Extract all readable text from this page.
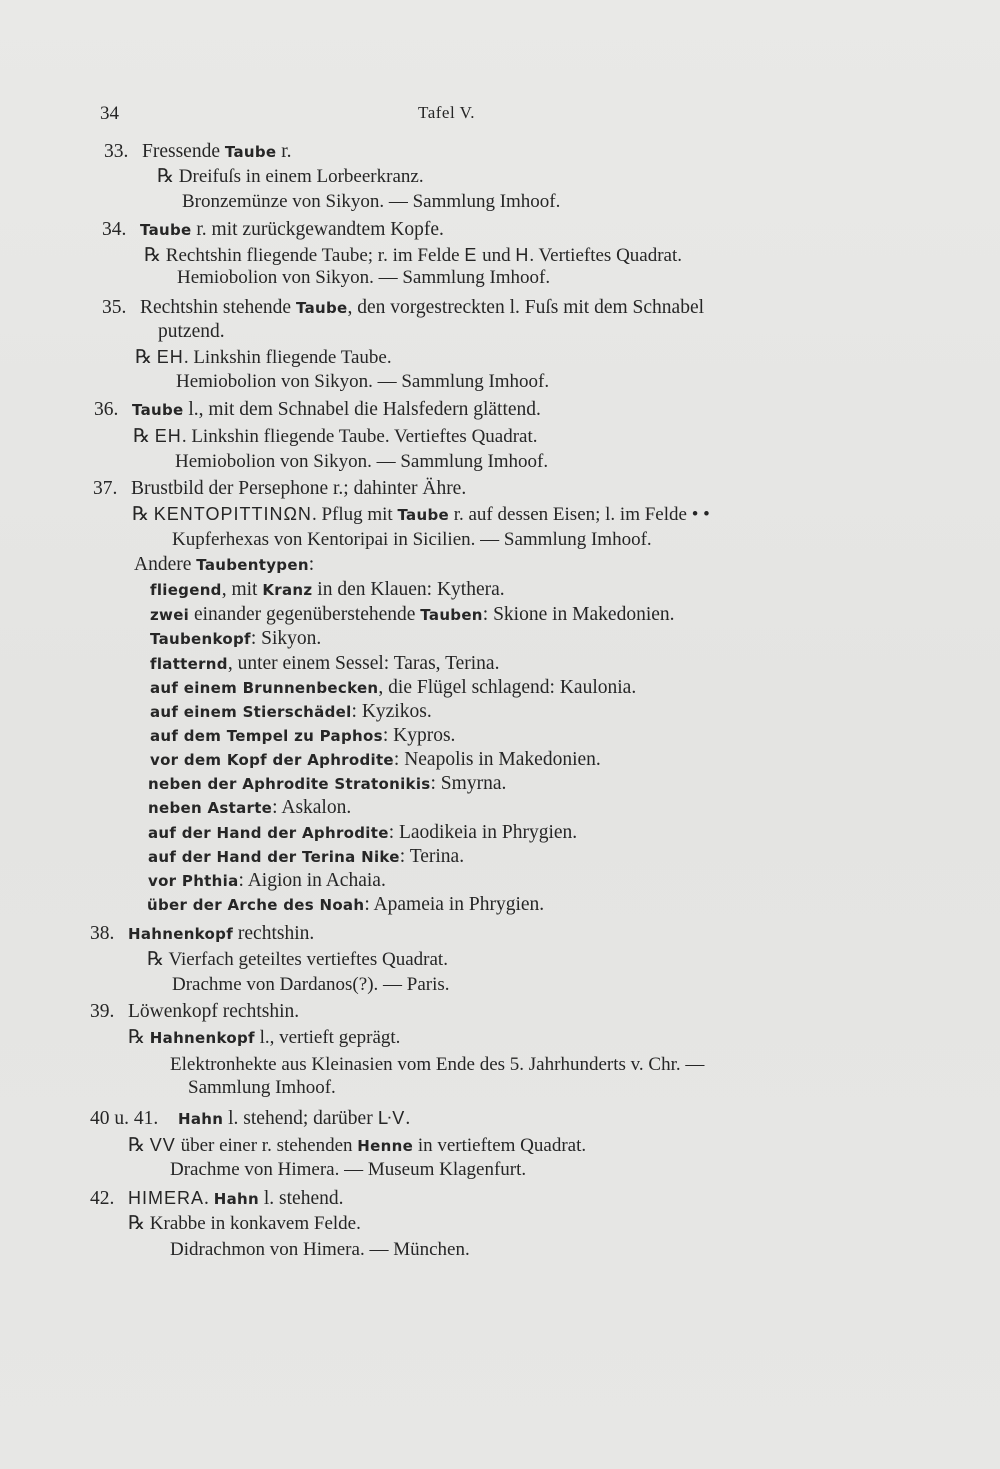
34	Tafel V.
33. Fressende Taube r.
℞ Dreifuſs in einem Lorbeerkranz.
Bronzemünze von Sikyon. — Sammlung Imhoof.
34. Taube r. mit zurückgewandtem Kopfe.
℞ Rechtshin fliegende Taube; r. im Felde E und H. Vertieftes Quadrat.
Hemiobolion von Sikyon. — Sammlung Imhoof.
35. Rechtshin stehende Taube, den vorgestreckten l. Fuſs mit dem Schnabel
putzend.
℞ EH. Linkshin fliegende Taube.
Hemiobolion von Sikyon. — Sammlung Imhoof.
36. Taube l., mit dem Schnabel die Halsfedern glättend.
℞ EH. Linkshin fliegende Taube. Vertieftes Quadrat.
Hemiobolion von Sikyon. — Sammlung Imhoof.
37. Brustbild der Persephone r.; dahinter Ähre.
℞ KENTOPITTINΩN. Pflug mit Taube r. auf dessen Eisen; l. im Felde • •
Kupferhexas von Kentoripai in Sicilien. — Sammlung Imhoof.
Andere Taubentypen:
fliegend, mit Kranz in den Klauen: Kythera.
zwei einander gegenüberstehende Tauben: Skione in Makedonien.
Taubenkopf: Sikyon.
flatternd, unter einem Sessel: Taras, Terina.
auf einem Brunnenbecken, die Flügel schlagend: Kaulonia.
auf einem Stierschädel: Kyzikos.
auf dem Tempel zu Paphos: Kypros.
vor dem Kopf der Aphrodite: Neapolis in Makedonien.
neben der Aphrodite Stratonikis: Smyrna.
neben Astarte: Askalon.
auf der Hand der Aphrodite: Laodikeia in Phrygien.
auf der Hand der Terina Nike: Terina.
vor Phthia: Aigion in Achaia.
über der Arche des Noah: Apameia in Phrygien.
38. Hahnenkopf rechtshin.
℞ Vierfach geteiltes vertieftes Quadrat.
Drachme von Dardanos(?). — Paris.
39. Löwenkopf rechtshin.
℞ Hahnenkopf l., vertieft geprägt.
Elektronhekte aus Kleinasien vom Ende des 5. Jahrhunderts v. Chr. —
Sammlung Imhoof.
40 u. 41. Hahn l. stehend; darüber ᒷV.
℞ VV über einer r. stehenden Henne in vertieftem Quadrat.
Drachme von Himera. — Museum Klagenfurt.
42. HIMERA. Hahn l. stehend.
℞ Krabbe in konkavem Felde.
Didrachmon von Himera. — München.
